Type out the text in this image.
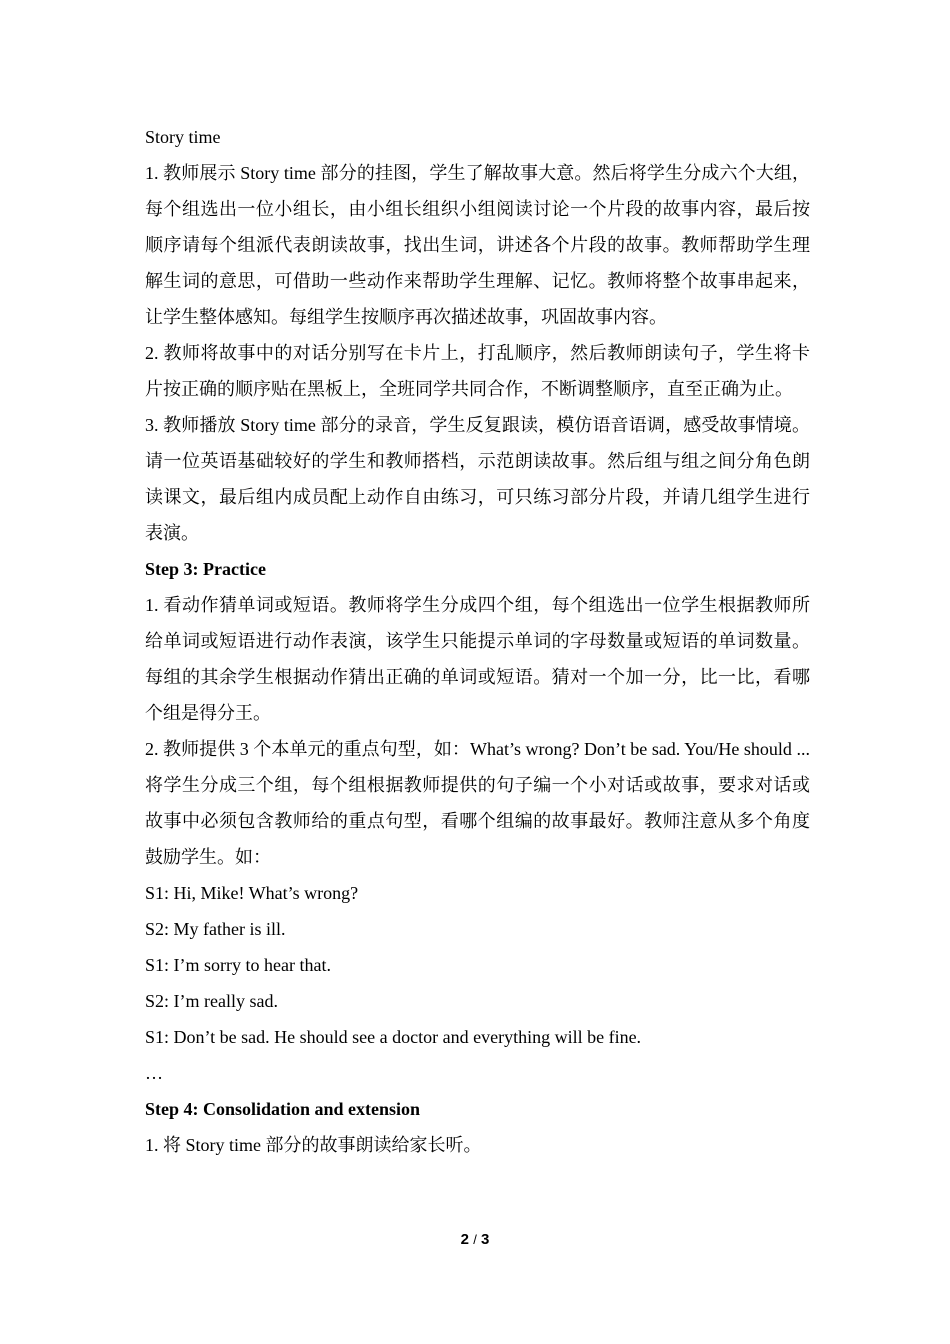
Story time

1. 教师展示 Story time 部分的挂图，学生了解故事大意。然后将学生分成六个大组，每个组选出一位小组长，由小组长组织小组阅读讨论一个片段的故事内容，最后按顺序请每个组派代表朗读故事，找出生词，讲述各个片段的故事。教师帮助学生理解生词的意思，可借助一些动作来帮助学生理解、记忆。教师将整个故事串起来，让学生整体感知。每组学生按顺序再次描述故事，巩固故事内容。

2. 教师将故事中的对话分别写在卡片上，打乱顺序，然后教师朗读句子，学生将卡片按正确的顺序贴在黑板上，全班同学共同合作，不断调整顺序，直至正确为止。

3. 教师播放 Story time 部分的录音，学生反复跟读，模仿语音语调，感受故事情境。请一位英语基础较好的学生和教师搭档，示范朗读故事。然后组与组之间分角色朗读课文，最后组内成员配上动作自由练习，可只练习部分片段，并请几组学生进行表演。

Step 3: Practice

1. 看动作猜单词或短语。教师将学生分成四个组，每个组选出一位学生根据教师所给单词或短语进行动作表演，该学生只能提示单词的字母数量或短语的单词数量。每组的其余学生根据动作猜出正确的单词或短语。猜对一个加一分，比一比，看哪个组是得分王。

2. 教师提供 3 个本单元的重点句型，如：What’s wrong? Don’t be sad. You/He should ...将学生分成三个组，每个组根据教师提供的句子编一个小对话或故事，要求对话或故事中必须包含教师给的重点句型，看哪个组编的故事最好。教师注意从多个角度鼓励学生。如：

S1: Hi, Mike! What’s wrong?

S2: My father is ill.

S1: I’m sorry to hear that.

S2: I’m really sad.

S1: Don’t be sad. He should see a doctor and everything will be fine.

…

Step 4: Consolidation and extension

1. 将 Story time 部分的故事朗读给家长听。

2 / 3
